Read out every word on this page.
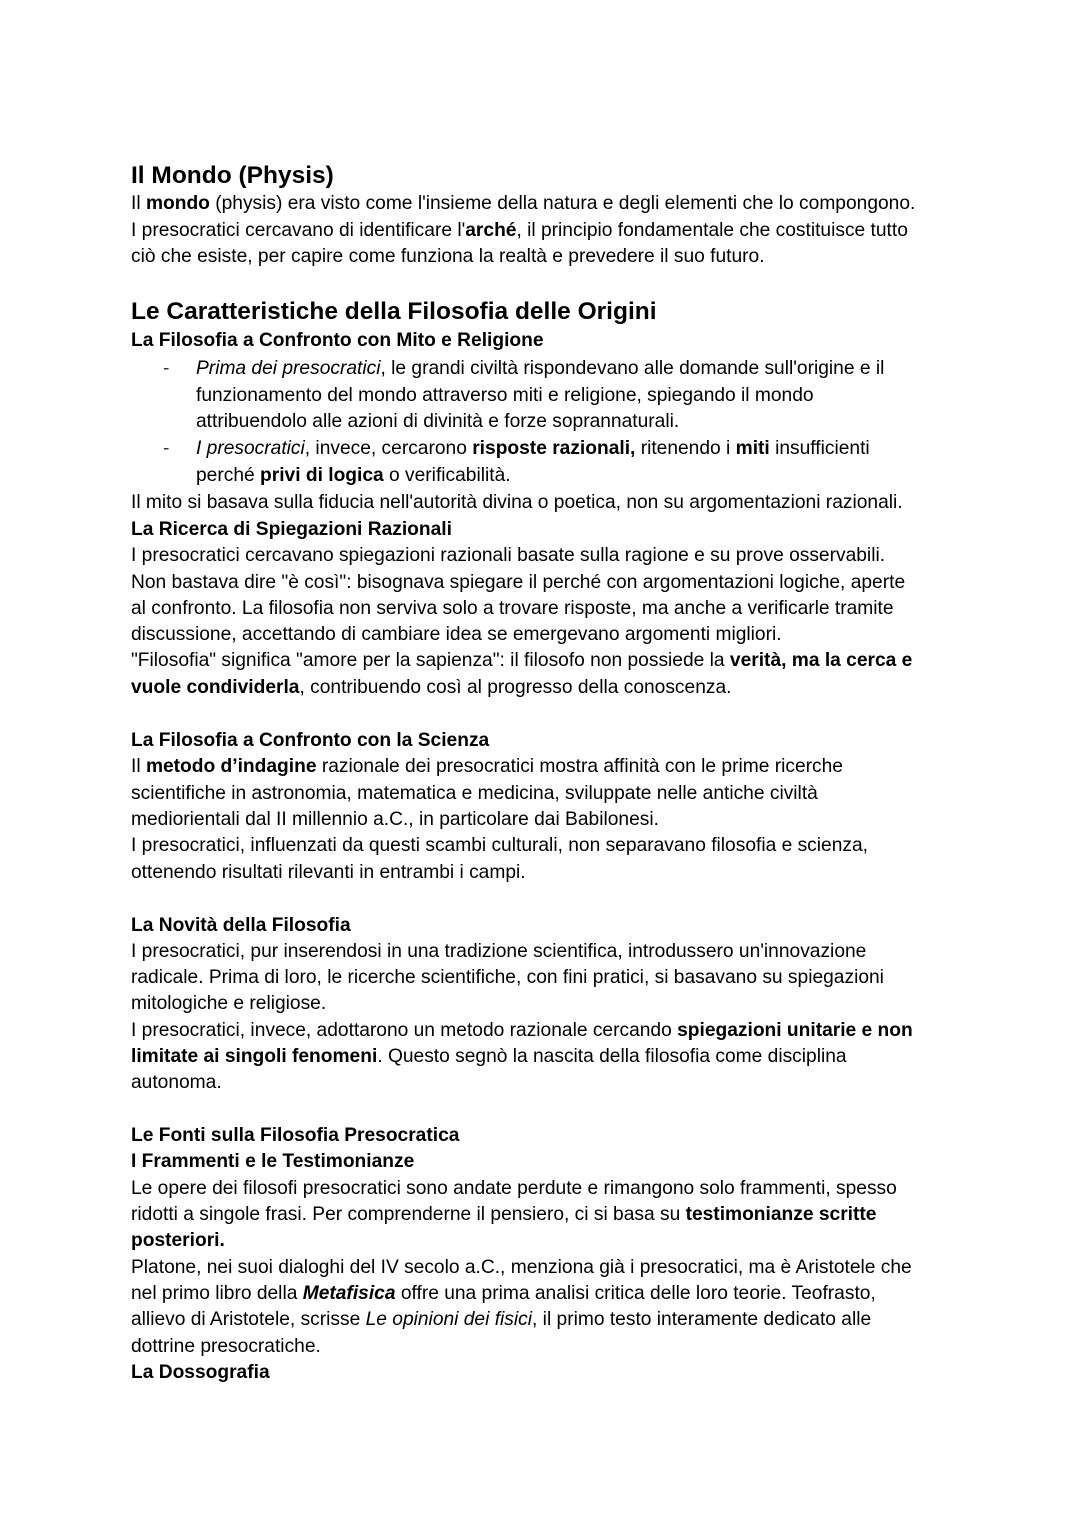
Il Mondo (Physis)
Il mondo (physis) era visto come l'insieme della natura e degli elementi che lo compongono.
I presocratici cercavano di identificare l'arché, il principio fondamentale che costituisce tutto
ciò che esiste, per capire come funziona la realtà e prevedere il suo futuro.
Le Caratteristiche della Filosofia delle Origini
La Filosofia a Confronto con Mito e Religione
- Prima dei presocratici, le grandi civiltà rispondevano alle domande sull'origine e il
funzionamento del mondo attraverso miti e religione, spiegando il mondo
attribuendolo alle azioni di divinità e forze soprannaturali.
- I presocratici, invece, cercarono risposte razionali, ritenendo i miti insufficienti
perché privi di logica o verificabilità.
Il mito si basava sulla fiducia nell'autorità divina o poetica, non su argomentazioni razionali.
La Ricerca di Spiegazioni Razionali
I presocratici cercavano spiegazioni razionali basate sulla ragione e su prove osservabili.
Non bastava dire "è così": bisognava spiegare il perché con argomentazioni logiche, aperte
al confronto. La filosofia non serviva solo a trovare risposte, ma anche a verificarle tramite
discussione, accettando di cambiare idea se emergevano argomenti migliori.
"Filosofia" significa "amore per la sapienza": il filosofo non possiede la verità, ma la cerca e
vuole condividerla, contribuendo così al progresso della conoscenza.
La Filosofia a Confronto con la Scienza
Il metodo d’indagine razionale dei presocratici mostra affinità con le prime ricerche
scientifiche in astronomia, matematica e medicina, sviluppate nelle antiche civiltà
mediorientali dal II millennio a.C., in particolare dai Babilonesi.
I presocratici, influenzati da questi scambi culturali, non separavano filosofia e scienza,
ottenendo risultati rilevanti in entrambi i campi.
La Novità della Filosofia
I presocratici, pur inserendosi in una tradizione scientifica, introdussero un'innovazione
radicale. Prima di loro, le ricerche scientifiche, con fini pratici, si basavano su spiegazioni
mitologiche e religiose.
I presocratici, invece, adottarono un metodo razionale cercando spiegazioni unitarie e non
limitate ai singoli fenomeni. Questo segnò la nascita della filosofia come disciplina
autonoma.
Le Fonti sulla Filosofia Presocratica
I Frammenti e le Testimonianze
Le opere dei filosofi presocratici sono andate perdute e rimangono solo frammenti, spesso
ridotti a singole frasi. Per comprenderne il pensiero, ci si basa su testimonianze scritte
posteriori.
Platone, nei suoi dialoghi del IV secolo a.C., menziona già i presocratici, ma è Aristotele che
nel primo libro della Metafisica offre una prima analisi critica delle loro teorie. Teofrasto,
allievo di Aristotele, scrisse Le opinioni dei fisici, il primo testo interamente dedicato alle
dottrine presocratiche.
La Dossografia
